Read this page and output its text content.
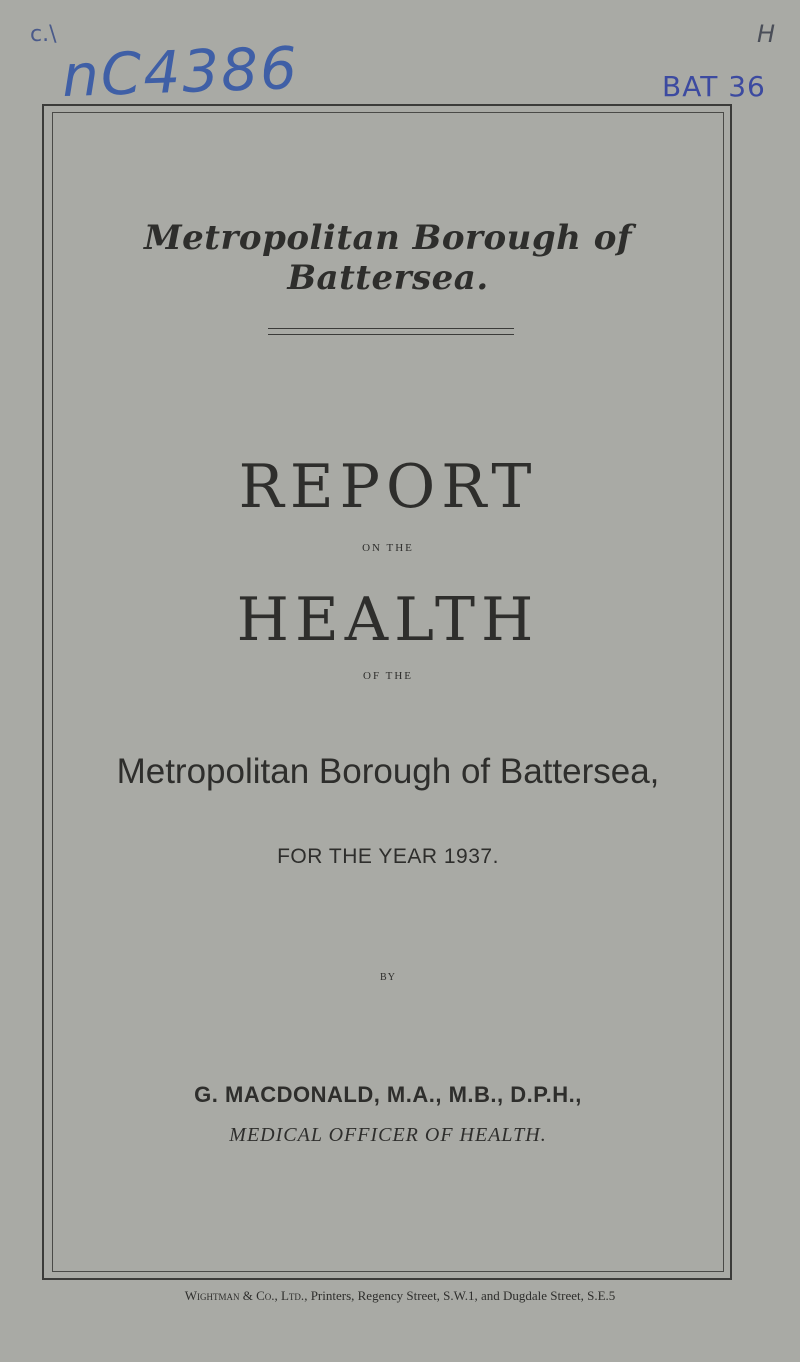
c.\ nC4386	H
BAT 36
Metropolitan Borough of Battersea.
REPORT
ON THE
HEALTH
OF THE
Metropolitan Borough of Battersea,
FOR THE YEAR 1937.
BY
G. MACDONALD, M.A., M.B., D.P.H.,
MEDICAL OFFICER OF HEALTH.
Wightman & Co., Ltd., Printers, Regency Street, S.W.1, and Dugdale Street, S.E.5
